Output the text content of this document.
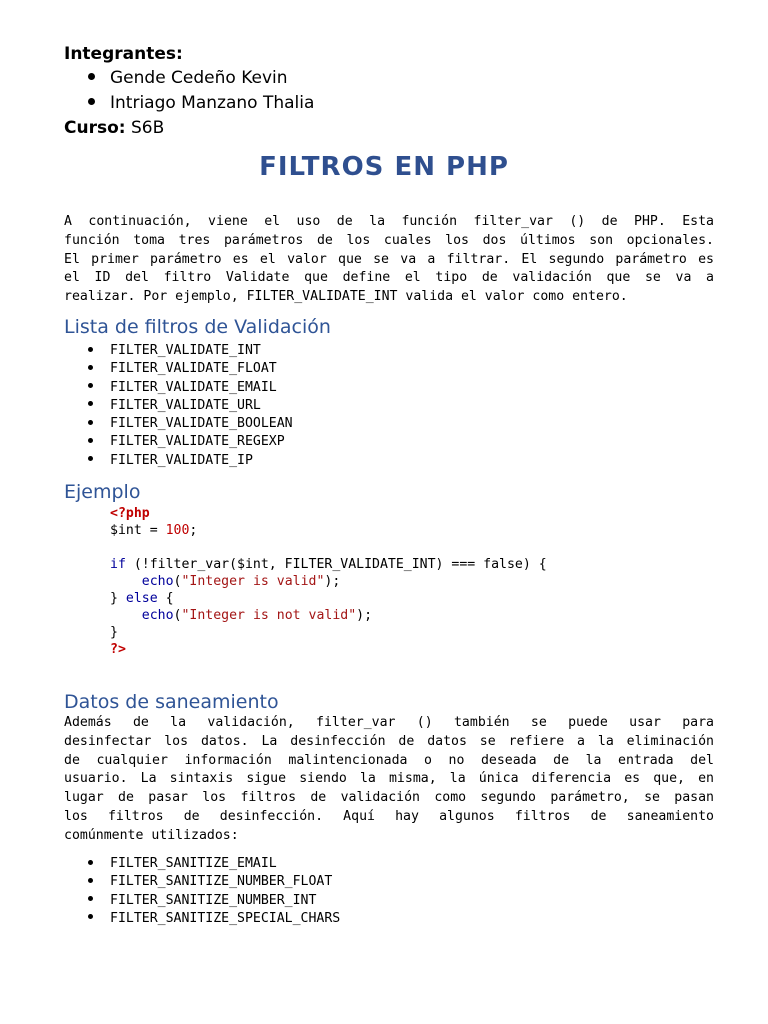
Integrantes:
Gende Cedeño Kevin
Intriago Manzano Thalia
Curso: S6B
FILTROS EN PHP
A continuación, viene el uso de la función filter_var () de PHP. Esta
función toma tres parámetros de los cuales los dos últimos son opcionales.
El primer parámetro es el valor que se va a filtrar. El segundo parámetro es
el ID del filtro Validate que define el tipo de validación que se va a
realizar. Por ejemplo, FILTER_VALIDATE_INT valida el valor como entero.
Lista de filtros de Validación
FILTER_VALIDATE_INT
FILTER_VALIDATE_FLOAT
FILTER_VALIDATE_EMAIL
FILTER_VALIDATE_URL
FILTER_VALIDATE_BOOLEAN
FILTER_VALIDATE_REGEXP
FILTER_VALIDATE_IP
Ejemplo
<?php
$int = 100;

if (!filter_var($int, FILTER_VALIDATE_INT) === false) {
echo("Integer is valid");
} else {
echo("Integer is not valid");
}
?>
Datos de saneamiento
Además de la validación, filter_var () también se puede usar para
desinfectar los datos. La desinfección de datos se refiere a la eliminación
de cualquier información malintencionada o no deseada de la entrada del
usuario. La sintaxis sigue siendo la misma, la única diferencia es que, en
lugar de pasar los filtros de validación como segundo parámetro, se pasan
los filtros de desinfección. Aquí hay algunos filtros de saneamiento
comúnmente utilizados:
FILTER_SANITIZE_EMAIL
FILTER_SANITIZE_NUMBER_FLOAT
FILTER_SANITIZE_NUMBER_INT
FILTER_SANITIZE_SPECIAL_CHARS
